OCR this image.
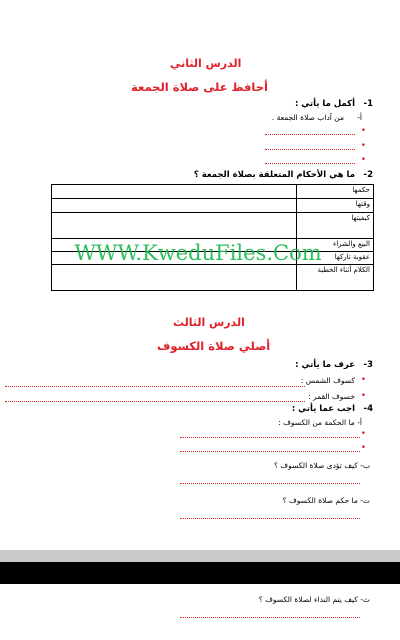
الدرس الثاني
أحافظ على صلاة الجمعة
1-
أكمل ما يأتي :
أ-
من آداب صلاة الجمعة .
•
•
•
2-
ما هي الأحكام المتعلقة بصلاة الجمعة ؟
حكمها	
وقتها	
كيفيتها	
البيع والشراء	
عقوبة تاركها	
الكلام أثناء الخطبة	
WWW.KweduFiles.Com
الدرس الثالث
أصلي صلاة الكسوف
3-
عرف ما يأتي :
•
كسوف الشمس :
•
خسوف القمر :
4-
اجب عما يأتي :
أ- ما الحكمة من الكسوف :
•
•
ب- كيف تؤدى صلاة الكسوف ؟
ت- ما حكم صلاة الكسوف ؟
ث- كيف يتم النداء لصلاة الكسوف ؟
